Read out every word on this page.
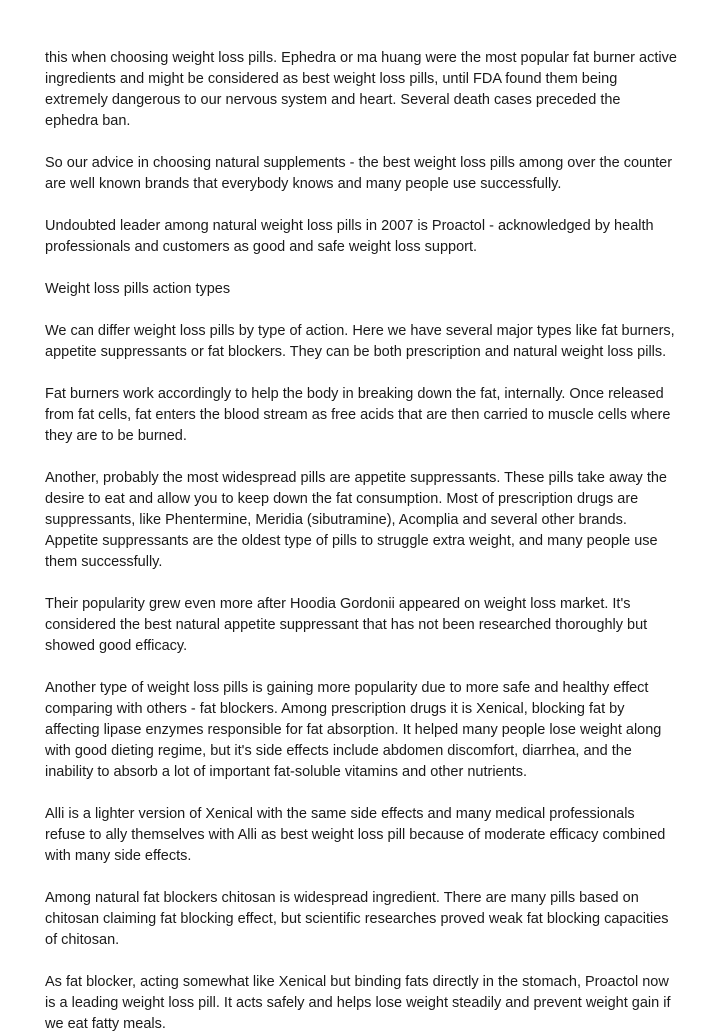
this when choosing weight loss pills. Ephedra or ma huang were the most popular fat burner active
ingredients and might be considered as best weight loss pills, until FDA found them being
extremely dangerous to our nervous system and heart. Several death cases preceded the
ephedra ban.

So our advice in choosing natural supplements - the best weight loss pills among over the counter
are well known brands that everybody knows and many people use successfully.

Undoubted leader among natural weight loss pills in 2007 is Proactol - acknowledged by health
professionals and customers as good and safe weight loss support.

Weight loss pills action types

We can differ weight loss pills by type of action. Here we have several major types like fat burners,
appetite suppressants or fat blockers. They can be both prescription and natural weight loss pills.

Fat burners work accordingly to help the body in breaking down the fat, internally. Once released
from fat cells, fat enters the blood stream as free acids that are then carried to muscle cells where
they are to be burned.

Another, probably the most widespread pills are appetite suppressants. These pills take away the
desire to eat and allow you to keep down the fat consumption. Most of prescription drugs are
suppressants, like Phentermine, Meridia (sibutramine), Acomplia and several other brands.
Appetite suppressants are the oldest type of pills to struggle extra weight, and many people use
them successfully.

Their popularity grew even more after Hoodia Gordonii appeared on weight loss market. It's
considered the best natural appetite suppressant that has not been researched thoroughly but
showed good efficacy.

Another type of weight loss pills is gaining more popularity due to more safe and healthy effect
comparing with others - fat blockers. Among prescription drugs it is Xenical, blocking fat by
affecting lipase enzymes responsible for fat absorption. It helped many people lose weight along
with good dieting regime, but it's side effects include abdomen discomfort, diarrhea, and the
inability to absorb a lot of important fat-soluble vitamins and other nutrients.

Alli is a lighter version of Xenical with the same side effects and many medical professionals
refuse to ally themselves with Alli as best weight loss pill because of moderate efficacy combined
with many side effects.

Among natural fat blockers chitosan is widespread ingredient. There are many pills based on
chitosan claiming fat blocking effect, but scientific researches proved weak fat blocking capacities
of chitosan.

As fat blocker, acting somewhat like Xenical but binding fats directly in the stomach, Proactol now
is a leading weight loss pill. It acts safely and helps lose weight steadily and prevent weight gain if
we eat fatty meals.
